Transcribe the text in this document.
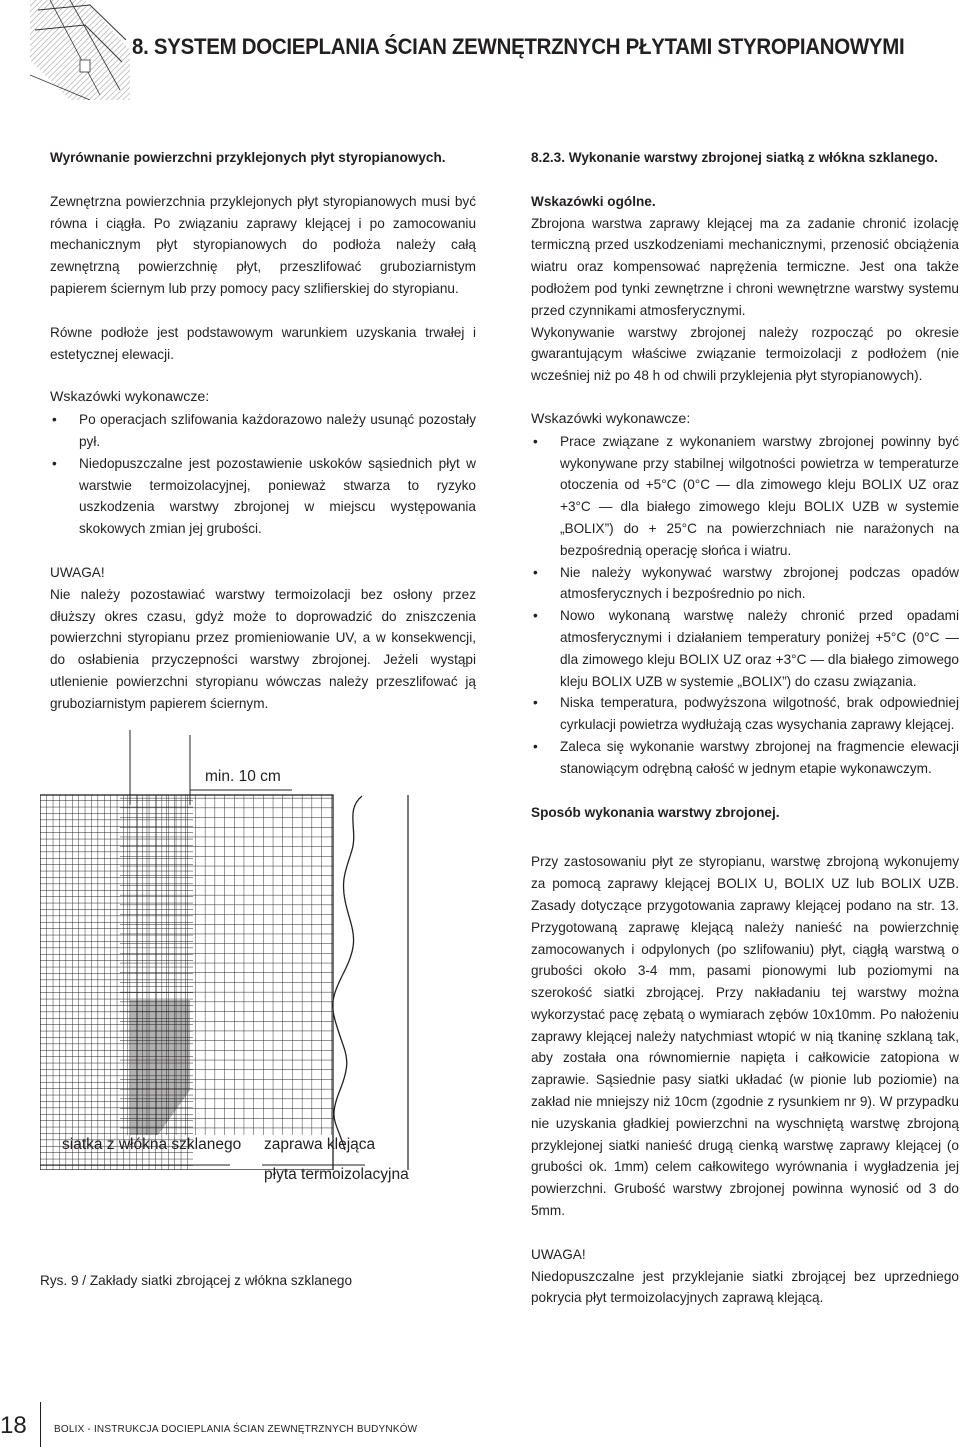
8. SYSTEM DOCIEPLANIA ŚCIAN ZEWNĘTRZNYCH PŁYTAMI STYROPIANOWYMI

Wyrównanie powierzchni przyklejonych płyt styropianowych.

Zewnętrzna powierzchnia przyklejonych płyt styropianowych musi być równa i ciągła. Po związaniu zaprawy klejącej i po zamocowaniu mechanicznym płyt styropianowych do podłoża należy całą zewnętrzną powierzchnię płyt, przeszlifować gruboziarnistym papierem ściernym lub przy pomocy pacy szlifierskiej do styropianu.

Równe podłoże jest podstawowym warunkiem uzyskania trwałej i estetycznej elewacji.

Wskazówki wykonawcze:

• Po operacjach szlifowania każdorazowo należy usunąć pozostały pył.
• Niedopuszczalne jest pozostawienie uskoków sąsiednich płyt w warstwie termoizolacyjnej, ponieważ stwarza to ryzyko uszkodzenia warstwy zbrojonej w miejscu występowania skokowych zmian jej grubości.

UWAGA!

Nie należy pozostawiać warstwy termoizolacji bez osłony przez dłuższy okres czasu, gdyż może to doprowadzić do zniszczenia powierzchni styropianu przez promieniowanie UV, a w konsekwencji, do osłabienia przyczepności warstwy zbrojonej. Jeżeli wystąpi utlenienie powierzchni styropianu wówczas należy przeszlifować ją gruboziarnistym papierem ściernym.

min. 10 cm
siatka z włókna szklanego zaprawa klejąca
płyta termoizolacyjna
Rys. 9 / Zakłady siatki zbrojącej z włókna szklanego

8.2.3. Wykonanie warstwy zbrojonej siatką z włókna szklanego.

Wskazówki ogólne.

Zbrojona warstwa zaprawy klejącej ma za zadanie chronić izolację termiczną przed uszkodzeniami mechanicznymi, przenosić obciążenia wiatru oraz kompensować naprężenia termiczne. Jest ona także podłożem pod tynki zewnętrzne i chroni wewnętrzne warstwy systemu przed czynnikami atmosferycznymi.

Wykonywanie warstwy zbrojonej należy rozpocząć po okresie gwarantującym właściwe związanie termoizolacji z podłożem (nie wcześniej niż po 48 h od chwili przyklejenia płyt styropianowych).

Wskazówki wykonawcze:

• Prace związane z wykonaniem warstwy zbrojonej powinny być wykonywane przy stabilnej wilgotności powietrza w temperaturze otoczenia od +5°C (0°C — dla zimowego kleju BOLIX UZ oraz +3°C — dla białego zimowego kleju BOLIX UZB w systemie „BOLIX”) do + 25°C na powierzchniach nie narażonych na bezpośrednią operację słońca i wiatru.
• Nie należy wykonywać warstwy zbrojonej podczas opadów atmosferycznych i bezpośrednio po nich.
• Nowo wykonaną warstwę należy chronić przed opadami atmosferycznymi i działaniem temperatury poniżej +5°C (0°C — dla zimowego kleju BOLIX UZ oraz +3°C — dla białego zimowego kleju BOLIX UZB w systemie „BOLIX”) do czasu związania.
• Niska temperatura, podwyższona wilgotność, brak odpowiedniej cyrkulacji powietrza wydłużają czas wysychania zaprawy klejącej.
• Zaleca się wykonanie warstwy zbrojonej na fragmencie elewacji stanowiącym odrębną całość w jednym etapie wykonawczym.

Sposób wykonania warstwy zbrojonej.

Przy zastosowaniu płyt ze styropianu, warstwę zbrojoną wykonujemy za pomocą zaprawy klejącej BOLIX U, BOLIX UZ lub BOLIX UZB. Zasady dotyczące przygotowania zaprawy klejącej podano na str. 13. Przygotowaną zaprawę klejącą należy nanieść na powierzchnię zamocowanych i odpylonych (po szlifowaniu) płyt, ciągłą warstwą o grubości około 3-4 mm, pasami pionowymi lub poziomymi na szerokość siatki zbrojącej. Przy nakładaniu tej warstwy można wykorzystać pacę zębatą o wymiarach zębów 10x10mm. Po nałożeniu zaprawy klejącej należy natychmiast wtopić w nią tkaninę szklaną tak, aby została ona równomiernie napięta i całkowicie zatopiona w zaprawie. Sąsiednie pasy siatki układać (w pionie lub poziomie) na zakład nie mniejszy niż 10cm (zgodnie z rysunkiem nr 9). W przypadku nie uzyskania gładkiej powierzchni na wyschniętą warstwę zbrojoną przyklejonej siatki nanieść drugą cienką warstwę zaprawy klejącej (o grubości ok. 1mm) celem całkowitego wyrównania i wygładzenia jej powierzchni. Grubość warstwy zbrojonej powinna wynosić od 3 do 5mm.

UWAGA!

Niedopuszczalne jest przyklejanie siatki zbrojącej bez uprzedniego pokrycia płyt termoizolacyjnych zaprawą klejącą.

18	BOLIX - INSTRUKCJA DOCIEPLANIA ŚCIAN ZEWNĘTRZNYCH BUDYNKÓW
